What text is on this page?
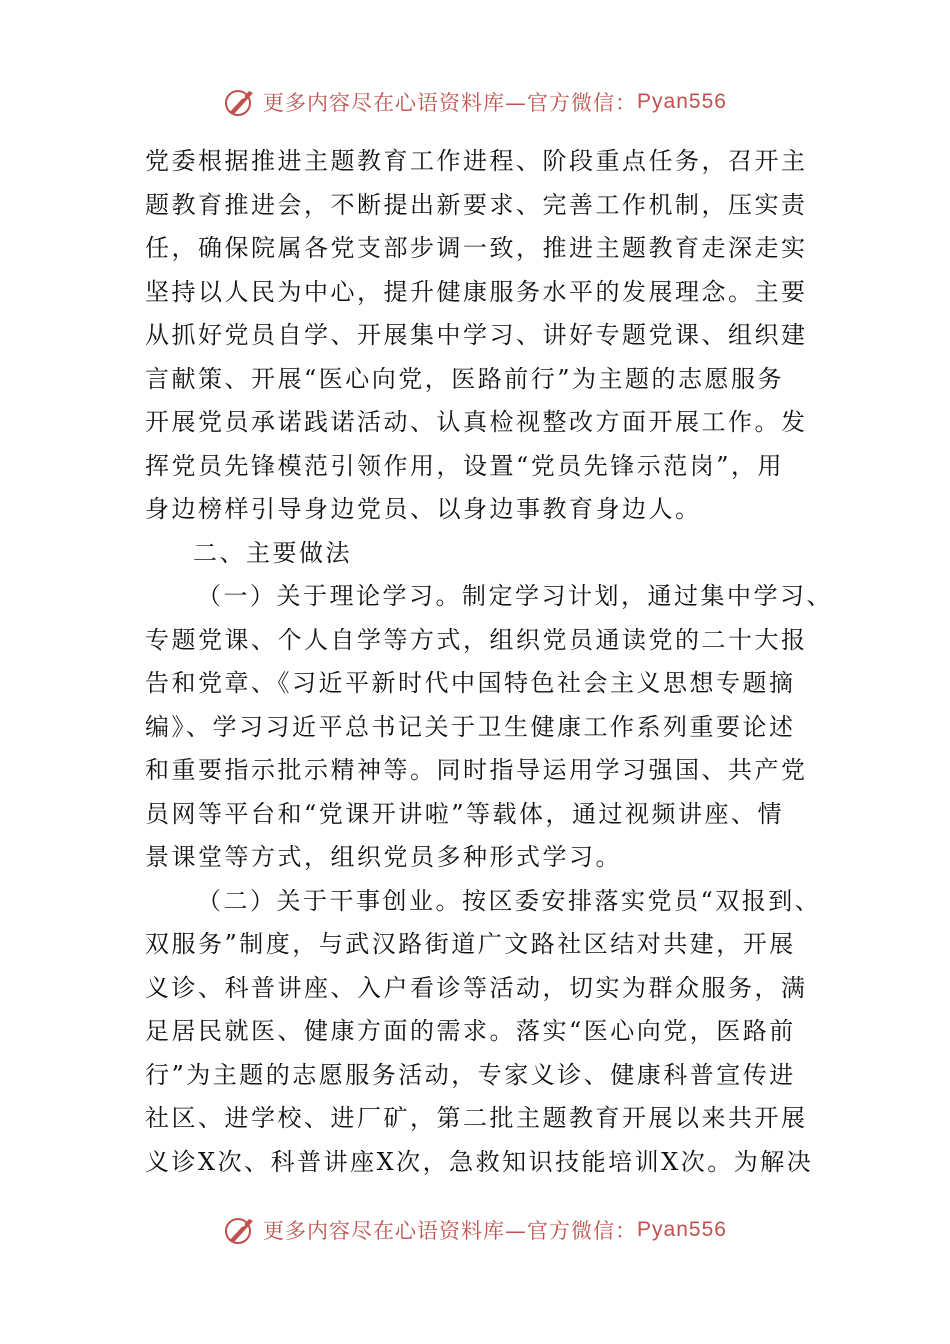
更多内容尽在心语资料库—官方微信： Pyan556
党委根据推进主题教育工作进程、阶段重点任务，召开主
题教育推进会，不断提出新要求、完善工作机制，压实责
任，确保院属各党支部步调一致，推进主题教育走深走实
坚持以人民为中心，提升健康服务水平的发展理念。主要
从抓好党员自学、开展集中学习、讲好专题党课、组织建
言献策、开展“医心向党，医路前行”为主题的志愿服务
开展党员承诺践诺活动、认真检视整改方面开展工作。发
挥党员先锋模范引领作用，设置“党员先锋示范岗”，用
身边榜样引导身边党员、以身边事教育身边人。
二、主要做法
（一）关于理论学习。制定学习计划，通过集中学习、
专题党课、个人自学等方式，组织党员通读党的二十大报
告和党章、《习近平新时代中国特色社会主义思想专题摘
编》、学习习近平总书记关于卫生健康工作系列重要论述
和重要指示批示精神等。同时指导运用学习强国、共产党
员网等平台和“党课开讲啦”等载体，通过视频讲座、情
景课堂等方式，组织党员多种形式学习。
（二）关于干事创业。按区委安排落实党员“双报到、
双服务”制度，与武汉路街道广文路社区结对共建，开展
义诊、科普讲座、入户看诊等活动，切实为群众服务，满
足居民就医、健康方面的需求。落实“医心向党，医路前
行”为主题的志愿服务活动，专家义诊、健康科普宣传进
社区、进学校、进厂矿，第二批主题教育开展以来共开展
义诊X次、科普讲座X次，急救知识技能培训X次。为解决
更多内容尽在心语资料库—官方微信： Pyan556
